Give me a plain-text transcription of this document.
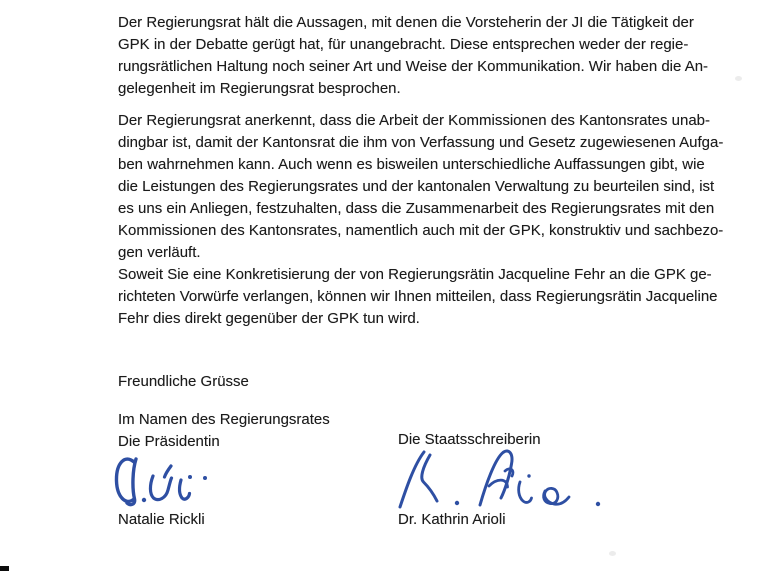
Der Regierungsrat hält die Aussagen, mit denen die Vorsteherin der JI die Tätigkeit der
GPK in der Debatte gerügt hat, für unangebracht. Diese entsprechen weder der regie-
rungsrätlichen Haltung noch seiner Art und Weise der Kommunikation. Wir haben die An-
gelegenheit im Regierungsrat besprochen.
Der Regierungsrat anerkennt, dass die Arbeit der Kommissionen des Kantonsrates unab-
dingbar ist, damit der Kantonsrat die ihm von Verfassung und Gesetz zugewiesenen Aufga-
ben wahrnehmen kann. Auch wenn es bisweilen unterschiedliche Auffassungen gibt, wie
die Leistungen des Regierungsrates und der kantonalen Verwaltung zu beurteilen sind, ist
es uns ein Anliegen, festzuhalten, dass die Zusammenarbeit des Regierungsrates mit den
Kommissionen des Kantonsrates, namentlich auch mit der GPK, konstruktiv und sachbezo-
gen verläuft.
Soweit Sie eine Konkretisierung der von Regierungsrätin Jacqueline Fehr an die GPK ge-
richteten Vorwürfe verlangen, können wir Ihnen mitteilen, dass Regierungsrätin Jacqueline
Fehr dies direkt gegenüber der GPK tun wird.
Freundliche Grüsse
Im Namen des Regierungsrates
Die Präsidentin	Die Staatsschreiberin
Natalie Rickli	Dr. Kathrin Arioli
